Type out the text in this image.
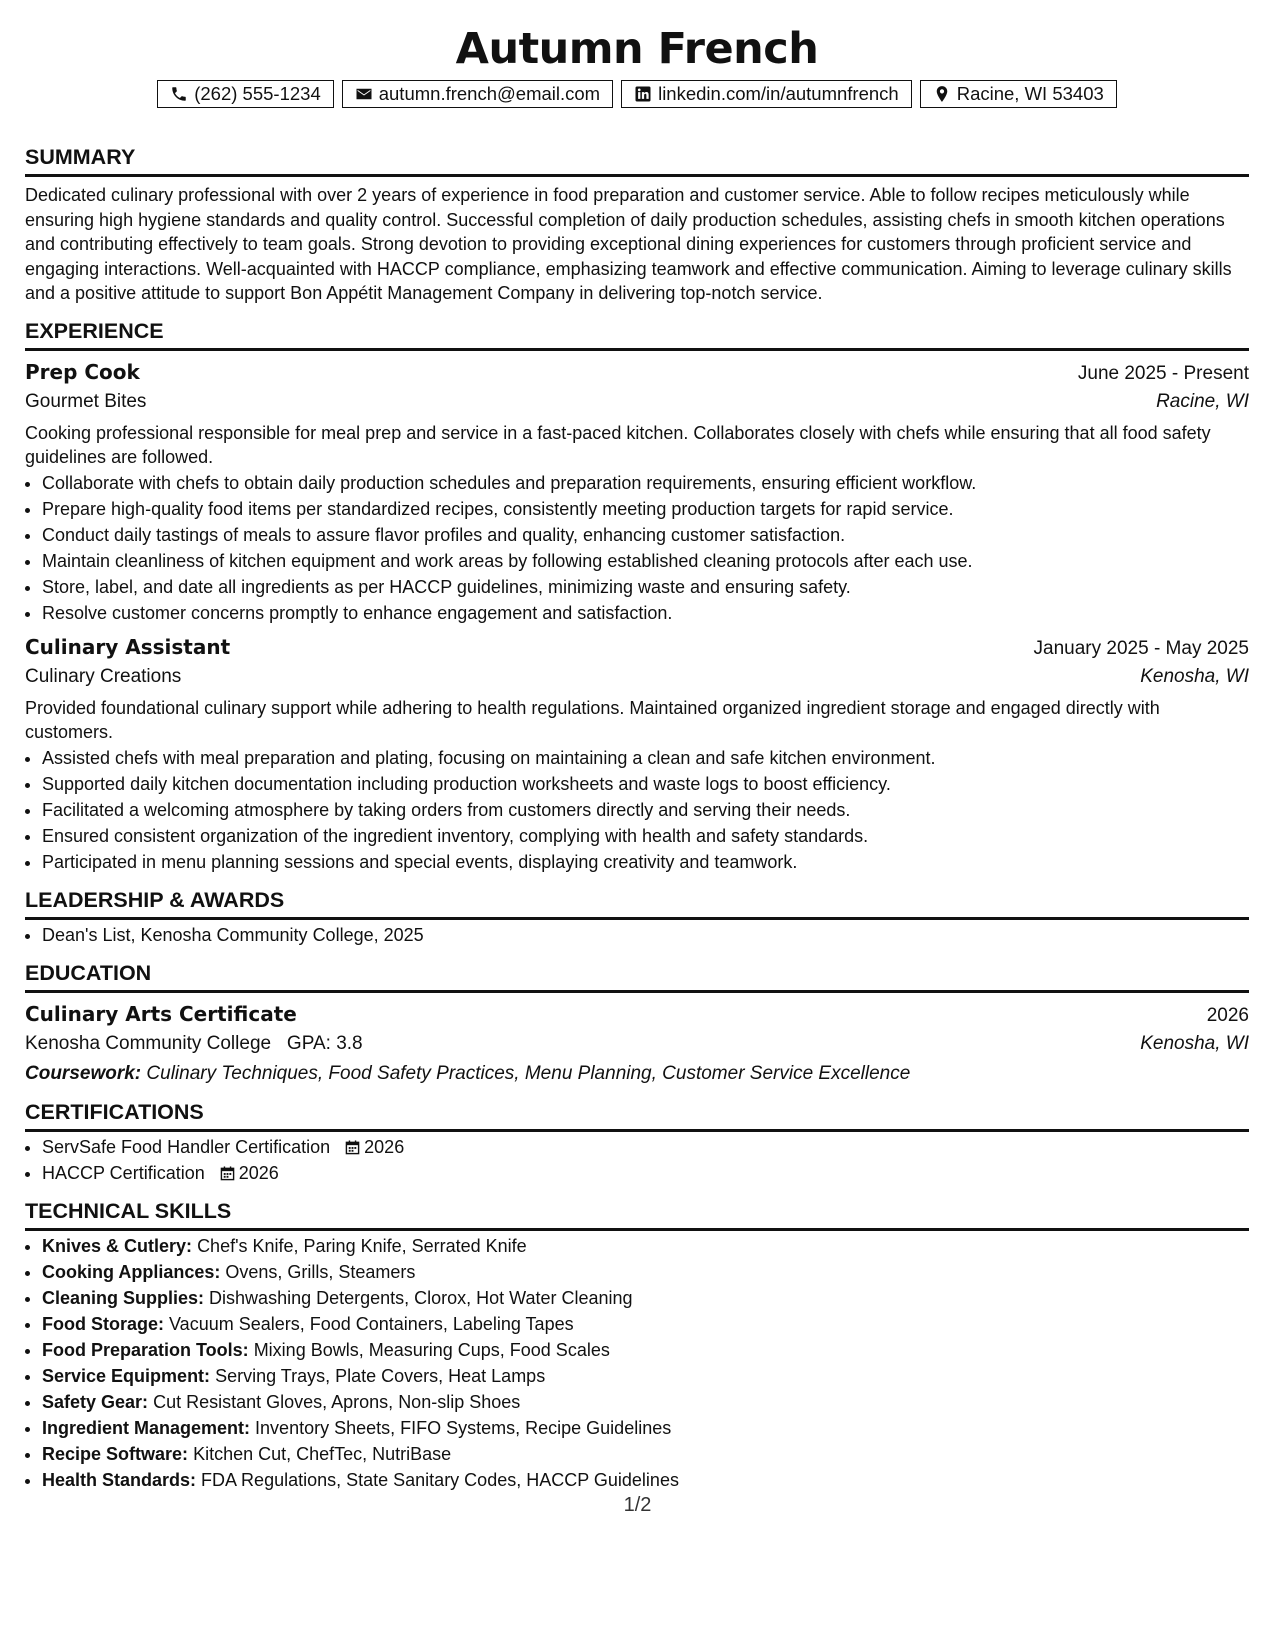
Autumn French
(262) 555-1234	autumn.french@email.com	linkedin.com/in/autumnfrench	Racine, WI 53403
SUMMARY

Dedicated culinary professional with over 2 years of experience in food preparation and customer service. Able to follow recipes meticulously while ensuring high hygiene standards and quality control. Successful completion of daily production schedules, assisting chefs in smooth kitchen operations and contributing effectively to team goals. Strong devotion to providing exceptional dining experiences for customers through proficient service and engaging interactions. Well-acquainted with HACCP compliance, emphasizing teamwork and effective communication. Aiming to leverage culinary skills and a positive attitude to support Bon Appétit Management Company in delivering top-notch service.

EXPERIENCE
Prep Cook	June 2025 - Present
Gourmet Bites	Racine, WI

Cooking professional responsible for meal prep and service in a fast-paced kitchen. Collaborates closely with chefs while ensuring that all food safety guidelines are followed.

• Collaborate with chefs to obtain daily production schedules and preparation requirements, ensuring efficient workflow.
• Prepare high-quality food items per standardized recipes, consistently meeting production targets for rapid service.
• Conduct daily tastings of meals to assure flavor profiles and quality, enhancing customer satisfaction.
• Maintain cleanliness of kitchen equipment and work areas by following established cleaning protocols after each use.
• Store, label, and date all ingredients as per HACCP guidelines, minimizing waste and ensuring safety.
• Resolve customer concerns promptly to enhance engagement and satisfaction.
Culinary Assistant	January 2025 - May 2025
Culinary Creations	Kenosha, WI

Provided foundational culinary support while adhering to health regulations. Maintained organized ingredient storage and engaged directly with customers.

• Assisted chefs with meal preparation and plating, focusing on maintaining a clean and safe kitchen environment.
• Supported daily kitchen documentation including production worksheets and waste logs to boost efficiency.
• Facilitated a welcoming atmosphere by taking orders from customers directly and serving their needs.
• Ensured consistent organization of the ingredient inventory, complying with health and safety standards.
• Participated in menu planning sessions and special events, displaying creativity and teamwork.
LEADERSHIP & AWARDS
• Dean's List, Kenosha Community College, 2025
EDUCATION
Culinary Arts Certificate	2026
Kenosha Community College GPA: 3.8	Kenosha, WI
Coursework: Culinary Techniques, Food Safety Practices, Menu Planning, Customer Service Excellence
CERTIFICATIONS
• ServSafe Food Handler Certification 2026
• HACCP Certification 2026
TECHNICAL SKILLS
• Knives & Cutlery: Chef's Knife, Paring Knife, Serrated Knife
• Cooking Appliances: Ovens, Grills, Steamers
• Cleaning Supplies: Dishwashing Detergents, Clorox, Hot Water Cleaning
• Food Storage: Vacuum Sealers, Food Containers, Labeling Tapes
• Food Preparation Tools: Mixing Bowls, Measuring Cups, Food Scales
• Service Equipment: Serving Trays, Plate Covers, Heat Lamps
• Safety Gear: Cut Resistant Gloves, Aprons, Non-slip Shoes
• Ingredient Management: Inventory Sheets, FIFO Systems, Recipe Guidelines
• Recipe Software: Kitchen Cut, ChefTec, NutriBase
• Health Standards: FDA Regulations, State Sanitary Codes, HACCP Guidelines
1/2
